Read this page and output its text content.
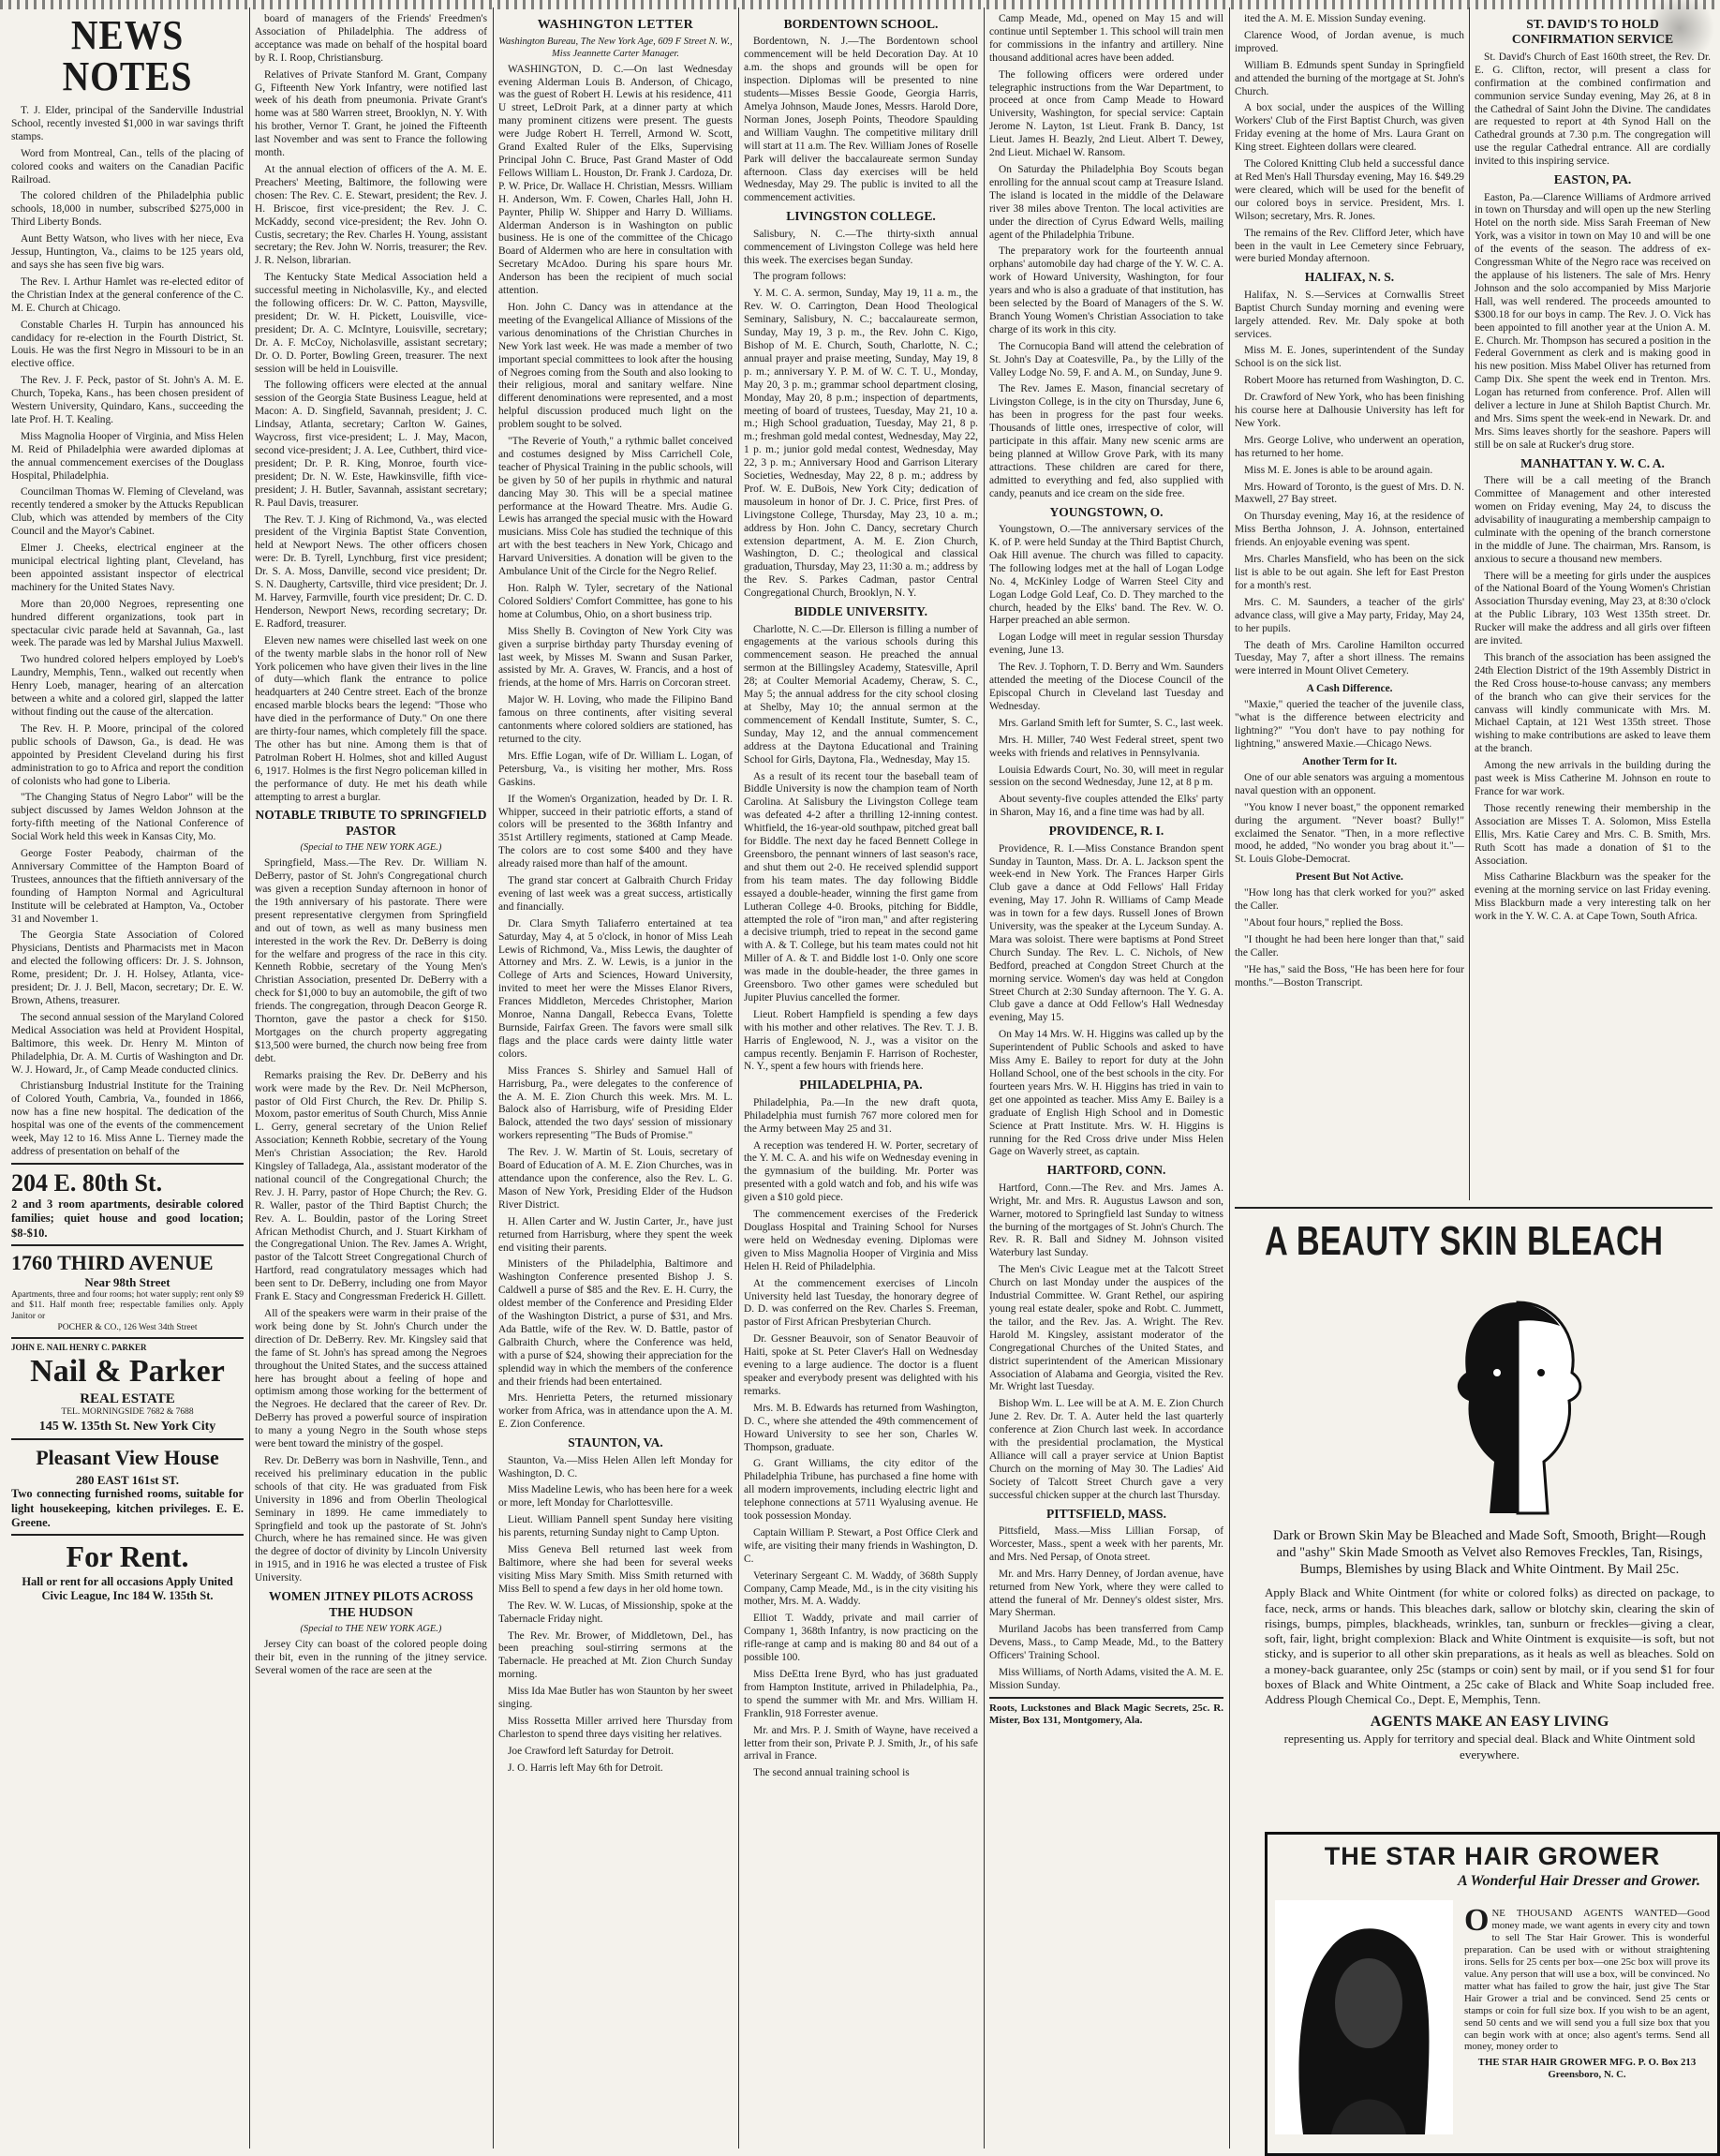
NEWS NOTES

T. J. Elder, principal of the Sanderville Industrial School, recently invested $1,000 in war savings thrift stamps.

Word from Montreal, Can., tells of the placing of colored cooks and waiters on the Canadian Pacific Railroad.

The colored children of the Philadelphia public schools, 18,000 in number, subscribed $275,000 in Third Liberty Bonds.

Aunt Betty Watson, who lives with her niece, Eva Jessup, Huntington, Va., claims to be 125 years old, and says she has seen five big wars.

The Rev. I. Arthur Hamlet was re-elected editor of the Christian Index at the general conference of the C. M. E. Church at Chicago.

Constable Charles H. Turpin has announced his candidacy for re-election in the Fourth District, St. Louis. He was the first Negro in Missouri to be in an elective office.

The Rev. J. F. Peck, pastor of St. John's A. M. E. Church, Topeka, Kans., has been chosen president of Western University, Quindaro, Kans., succeeding the late Prof. H. T. Kealing.

Miss Magnolia Hooper of Virginia, and Miss Helen M. Reid of Philadelphia were awarded diplomas at the annual commencement exercises of the Douglass Hospital, Philadelphia.

Councilman Thomas W. Fleming of Cleveland, was recently tendered a smoker by the Attucks Republican Club, which was attended by members of the City Council and the Mayor's Cabinet.

Elmer J. Cheeks, electrical engineer at the municipal electrical lighting plant, Cleveland, has been appointed assistant inspector of electrical machinery for the United States Navy.

More than 20,000 Negroes, representing one hundred different organizations, took part in spectacular civic parade held at Savannah, Ga., last week. The parade was led by Marshal Julius Maxwell.

Two hundred colored helpers employed by Loeb's Laundry, Memphis, Tenn., walked out recently when Henry Loeb, manager, hearing of an altercation between a white and a colored girl, slapped the latter without finding out the cause of the altercation.

The Rev. H. P. Moore, principal of the colored public schools of Dawson, Ga., is dead. He was appointed by President Cleveland during his first administration to go to Africa and report the condition of colonists who had gone to Liberia.

"The Changing Status of Negro Labor" will be the subject discussed by James Weldon Johnson at the forty-fifth meeting of the National Conference of Social Work held this week in Kansas City, Mo.

George Foster Peabody, chairman of the Anniversary Committee of the Hampton Board of Trustees, announces that the fiftieth anniversary of the founding of Hampton Normal and Agricultural Institute will be celebrated at Hampton, Va., October 31 and November 1.

The Georgia State Association of Colored Physicians, Dentists and Pharmacists met in Macon and elected the following officers: Dr. J. S. Johnson, Rome, president; Dr. J. H. Holsey, Atlanta, vice-president; Dr. J. J. Bell, Macon, secretary; Dr. E. W. Brown, Athens, treasurer.

The second annual session of the Maryland Colored Medical Association was held at Provident Hospital, Baltimore, this week. Dr. Henry M. Minton of Philadelphia, Dr. A. M. Curtis of Washington and Dr. W. J. Howard, Jr., of Camp Meade conducted clinics.

Christiansburg Industrial Institute for the Training of Colored Youth, Cambria, Va., founded in 1866, now has a fine new hospital. The dedication of the hospital was one of the events of the commencement week, May 12 to 16. Miss Anne L. Tierney made the address of presentation on behalf of the

204 E. 80th St.
2 and 3 room apartments, desirable colored families; quiet house and good location; $8-$10.
1760 THIRD AVENUE
Near 98th Street
Apartments, three and four rooms; hot water supply; rent only $9 and $11. Half month free; respectable families only. Apply Janitor or
POCHER & CO., 126 West 34th Street
JOHN E. NAIL HENRY C. PARKER
Nail & Parker
REAL ESTATE
TEL. MORNINGSIDE 7682 & 7688
145 W. 135th St. New York City
Pleasant View House
280 EAST 161st ST.
Two connecting furnished rooms, suitable for light housekeeping, kitchen privileges. E. E. Greene.
For Rent.
Hall or rent for all occasions Apply United Civic League, Inc 184 W. 135th St.

board of managers of the Friends' Freedmen's Association of Philadelphia. The address of acceptance was made on behalf of the hospital board by R. I. Roop, Christiansburg.

Relatives of Private Stanford M. Grant, Company G, Fifteenth New York Infantry, were notified last week of his death from pneumonia. Private Grant's home was at 580 Warren street, Brooklyn, N. Y. With his brother, Vernor T. Grant, he joined the Fifteenth last November and was sent to France the following month.

At the annual election of officers of the A. M. E. Preachers' Meeting, Baltimore, the following were chosen: The Rev. C. E. Stewart, president; the Rev. J. H. Briscoe, first vice-president; the Rev. J. C. McKaddy, second vice-president; the Rev. John O. Custis, secretary; the Rev. Charles H. Young, assistant secretary; the Rev. John W. Norris, treasurer; the Rev. J. R. Nelson, librarian.

The Kentucky State Medical Association held a successful meeting in Nicholasville, Ky., and elected the following officers: Dr. W. C. Patton, Maysville, president; Dr. W. H. Pickett, Louisville, vice-president; Dr. A. C. McIntyre, Louisville, secretary; Dr. A. F. McCoy, Nicholasville, assistant secretary; Dr. O. D. Porter, Bowling Green, treasurer. The next session will be held in Louisville.

The following officers were elected at the annual session of the Georgia State Business League, held at Macon: A. D. Singfield, Savannah, president; J. C. Lindsay, Atlanta, secretary; Carlton W. Gaines, Waycross, first vice-president; L. J. May, Macon, second vice-president; J. A. Lee, Cuthbert, third vice-president; Dr. P. R. King, Monroe, fourth vice-president; Dr. N. W. Este, Hawkinsville, fifth vice-president; J. H. Butler, Savannah, assistant secretary; R. Paul Davis, treasurer.

The Rev. T. J. King of Richmond, Va., was elected president of the Virginia Baptist State Convention, held at Newport News. The other officers chosen were: Dr. B. Tyrell, Lynchburg, first vice president; Dr. S. A. Moss, Danville, second vice president; Dr. S. N. Daugherty, Cartsville, third vice president; Dr. J. M. Harvey, Farmville, fourth vice president; Dr. C. D. Henderson, Newport News, recording secretary; Dr. E. Radford, treasurer.

Eleven new names were chiselled last week on one of the twenty marble slabs in the honor roll of New York policemen who have given their lives in the line of duty—which flank the entrance to police headquarters at 240 Centre street. Each of the bronze encased marble blocks bears the legend: "Those who have died in the performance of Duty." On one there are thirty-four names, which completely fill the space. The other has but nine. Among them is that of Patrolman Robert H. Holmes, shot and killed August 6, 1917. Holmes is the first Negro policeman killed in the performance of duty. He met his death while attempting to arrest a burglar.

NOTABLE TRIBUTE TO SPRINGFIELD PASTOR
(Special to THE NEW YORK AGE.)

Springfield, Mass.—The Rev. Dr. William N. DeBerry, pastor of St. John's Congregational church was given a reception Sunday afternoon in honor of the 19th anniversary of his pastorate. There were present representative clergymen from Springfield and out of town, as well as many business men interested in the work the Rev. Dr. DeBerry is doing for the welfare and progress of the race in this city. Kenneth Robbie, secretary of the Young Men's Christian Association, presented Dr. DeBerry with a check for $1,000 to buy an automobile, the gift of two friends. The congregation, through Deacon George R. Thornton, gave the pastor a check for $150. Mortgages on the church property aggregating $13,500 were burned, the church now being free from debt.

Remarks praising the Rev. Dr. DeBerry and his work were made by the Rev. Dr. Neil McPherson, pastor of Old First Church, the Rev. Dr. Philip S. Moxom, pastor emeritus of South Church, Miss Annie L. Gerry, general secretary of the Union Relief Association; Kenneth Robbie, secretary of the Young Men's Christian Association; the Rev. Harold Kingsley of Talladega, Ala., assistant moderator of the national council of the Congregational Church; the Rev. J. H. Parry, pastor of Hope Church; the Rev. G. R. Waller, pastor of the Third Baptist Church; the Rev. A. L. Bouldin, pastor of the Loring Street African Methodist Church, and J. Stuart Kirkham of the Congregational Union. The Rev. James A. Wright, pastor of the Talcott Street Congregational Church of Hartford, read congratulatory messages which had been sent to Dr. DeBerry, including one from Mayor Frank E. Stacy and Congressman Frederick H. Gillett.

All of the speakers were warm in their praise of the work being done by St. John's Church under the direction of Dr. DeBerry. Rev. Mr. Kingsley said that the fame of St. John's has spread among the Negroes throughout the United States, and the success attained here has brought about a feeling of hope and optimism among those working for the betterment of the Negroes. He declared that the career of Rev. Dr. DeBerry has proved a powerful source of inspiration to many a young Negro in the South whose steps were bent toward the ministry of the gospel.

Rev. Dr. DeBerry was born in Nashville, Tenn., and received his preliminary education in the public schools of that city. He was graduated from Fisk University in 1896 and from Oberlin Theological Seminary in 1899. He came immediately to Springfield and took up the pastorate of St. John's Church, where he has remained since. He was given the degree of doctor of divinity by Lincoln University in 1915, and in 1916 he was elected a trustee of Fisk University.

WOMEN JITNEY PILOTS ACROSS THE HUDSON
(Special to THE NEW YORK AGE.)

Jersey City can boast of the colored people doing their bit, even in the running of the jitney service. Several women of the race are seen at the

WASHINGTON LETTER
Washington Bureau, The New York Age, 609 F Street N. W., Miss Jeannette Carter Manager.

WASHINGTON, D. C.—On last Wednesday evening Alderman Louis B. Anderson, of Chicago, was the guest of Robert H. Lewis at his residence, 411 U street, LeDroit Park, at a dinner party at which many prominent citizens were present. The guests were Judge Robert H. Terrell, Armond W. Scott, Grand Exalted Ruler of the Elks, Supervising Principal John C. Bruce, Past Grand Master of Odd Fellows William L. Houston, Dr. Frank J. Cardoza, Dr. P. W. Price, Dr. Wallace H. Christian, Messrs. William H. Anderson, Wm. F. Cowen, Charles Hall, John H. Paynter, Philip W. Shipper and Harry D. Williams. Alderman Anderson is in Washington on public business. He is one of the committee of the Chicago Board of Aldermen who are here in consultation with Secretary McAdoo. During his spare hours Mr. Anderson has been the recipient of much social attention.

Hon. John C. Dancy was in attendance at the meeting of the Evangelical Alliance of Missions of the various denominations of the Christian Churches in New York last week. He was made a member of two important special committees to look after the housing of Negroes coming from the South and also looking to their religious, moral and sanitary welfare. Nine different denominations were represented, and a most helpful discussion produced much light on the problem sought to be solved.

"The Reverie of Youth," a rythmic ballet conceived and costumes designed by Miss Carrichell Cole, teacher of Physical Training in the public schools, will be given by 50 of her pupils in rhythmic and natural dancing May 30. This will be a special matinee performance at the Howard Theatre. Mrs. Audie G. Lewis has arranged the special music with the Howard musicians. Miss Cole has studied the technique of this art with the best teachers in New York, Chicago and Harvard Universities. A donation will be given to the Ambulance Unit of the Circle for the Negro Relief.

Hon. Ralph W. Tyler, secretary of the National Colored Soldiers' Comfort Committee, has gone to his home at Columbus, Ohio, on a short business trip.

Miss Shelly B. Covington of New York City was given a surprise birthday party Thursday evening of last week, by Misses M. Swann and Susan Parker, assisted by Mr. A. Graves, W. Francis, and a host of friends, at the home of Mrs. Harris on Corcoran street.

Major W. H. Loving, who made the Filipino Band famous on three continents, after visiting several cantonments where colored soldiers are stationed, has returned to the city.

Mrs. Effie Logan, wife of Dr. William L. Logan, of Petersburg, Va., is visiting her mother, Mrs. Ross Gaskins.

If the Women's Organization, headed by Dr. I. R. Whipper, succeed in their patriotic efforts, a stand of colors will be presented to the 368th Infantry and 351st Artillery regiments, stationed at Camp Meade. The colors are to cost some $400 and they have already raised more than half of the amount.

The grand star concert at Galbraith Church Friday evening of last week was a great success, artistically and financially.

Dr. Clara Smyth Taliaferro entertained at tea Saturday, May 4, at 5 o'clock, in honor of Miss Leah Lewis of Richmond, Va., Miss Lewis, the daughter of Attorney and Mrs. Z. W. Lewis, is a junior in the College of Arts and Sciences, Howard University, invited to meet her were the Misses Elanor Rivers, Frances Middleton, Mercedes Christopher, Marion Monroe, Nanna Dangall, Rebecca Evans, Tolette Burnside, Fairfax Green. The favors were small silk flags and the place cards were dainty little water colors.

Miss Frances S. Shirley and Samuel Hall of Harrisburg, Pa., were delegates to the conference of the A. M. E. Zion Church this week. Mrs. M. L. Balock also of Harrisburg, wife of Presiding Elder Balock, attended the two days' session of missionary workers representing "The Buds of Promise."

The Rev. J. W. Martin of St. Louis, secretary of Board of Education of A. M. E. Zion Churches, was in attendance upon the conference, also the Rev. L. G. Mason of New York, Presiding Elder of the Hudson River District.

H. Allen Carter and W. Justin Carter, Jr., have just returned from Harrisburg, where they spent the week end visiting their parents.

Ministers of the Philadelphia, Baltimore and Washington Conference presented Bishop J. S. Caldwell a purse of $85 and the Rev. E. H. Curry, the oldest member of the Conference and Presiding Elder of the Washington District, a purse of $31, and Mrs. Ada Battle, wife of the Rev. W. D. Battle, pastor of Galbraith Church, where the Conference was held, with a purse of $24, showing their appreciation for the splendid way in which the members of the conference and their friends had been entertained.

Mrs. Henrietta Peters, the returned missionary worker from Africa, was in attendance upon the A. M. E. Zion Conference.

STAUNTON, VA.

Staunton, Va.—Miss Helen Allen left Monday for Washington, D. C.

Miss Madeline Lewis, who has been here for a week or more, left Monday for Charlottesville.

Lieut. William Pannell spent Sunday here visiting his parents, returning Sunday night to Camp Upton.

Miss Geneva Bell returned last week from Baltimore, where she had been for several weeks visiting Miss Mary Smith. Miss Smith returned with Miss Bell to spend a few days in her old home town.

The Rev. W. W. Lucas, of Missionship, spoke at the Tabernacle Friday night.

The Rev. Mr. Brower, of Middletown, Del., has been preaching soul-stirring sermons at the Tabernacle. He preached at Mt. Zion Church Sunday morning.

Miss Ida Mae Butler has won Staunton by her sweet singing.

Miss Rossetta Miller arrived here Thursday from Charleston to spend three days visiting her relatives.

Joe Crawford left Saturday for Detroit.

J. O. Harris left May 6th for Detroit.

BORDENTOWN SCHOOL.

Bordentown, N. J.—The Bordentown school commencement will be held Decoration Day. At 10 a.m. the shops and grounds will be open for inspection. Diplomas will be presented to nine students—Misses Bessie Goode, Georgia Harris, Amelya Johnson, Maude Jones, Messrs. Harold Dore, Norman Jones, Joseph Points, Theodore Spaulding and William Vaughn. The competitive military drill will start at 11 a.m. The Rev. William Jones of Roselle Park will deliver the baccalaureate sermon Sunday afternoon. Class day exercises will be held Wednesday, May 29. The public is invited to all the commencement activities.

LIVINGSTON COLLEGE.

Salisbury, N. C.—The thirty-sixth annual commencement of Livingston College was held here this week. The exercises began Sunday.

The program follows:

Y. M. C. A. sermon, Sunday, May 19, 11 a. m., the Rev. W. O. Carrington, Dean Hood Theological Seminary, Salisbury, N. C.; baccalaureate sermon, Sunday, May 19, 3 p. m., the Rev. John C. Kigo, Bishop of M. E. Church, South, Charlotte, N. C.; annual prayer and praise meeting, Sunday, May 19, 8 p. m.; anniversary Y. P. M. of W. C. T. U., Monday, May 20, 3 p. m.; grammar school department closing, Monday, May 20, 8 p.m.; inspection of departments, meeting of board of trustees, Tuesday, May 21, 10 a. m.; High School graduation, Tuesday, May 21, 8 p. m.; freshman gold medal contest, Wednesday, May 22, 1 p. m.; junior gold medal contest, Wednesday, May 22, 3 p. m.; Anniversary Hood and Garrison Literary Societies, Wednesday, May 22, 8 p. m.; address by Prof. W. E. DuBois, New York City; dedication of mausoleum in honor of Dr. J. C. Price, first Pres. of Livingstone College, Thursday, May 23, 10 a. m.; address by Hon. John C. Dancy, secretary Church extension department, A. M. E. Zion Church, Washington, D. C.; theological and classical graduation, Thursday, May 23, 11:30 a. m.; address by the Rev. S. Parkes Cadman, pastor Central Congregational Church, Brooklyn, N. Y.

BIDDLE UNIVERSITY.

Charlotte, N. C.—Dr. Ellerson is filling a number of engagements at the various schools during this commencement season. He preached the annual sermon at the Billingsley Academy, Statesville, April 28; at Coulter Memorial Academy, Cheraw, S. C., May 5; the annual address for the city school closing at Shelby, May 10; the annual sermon at the commencement of Kendall Institute, Sumter, S. C., Sunday, May 12, and the annual commencement address at the Daytona Educational and Training School for Girls, Daytona, Fla., Wednesday, May 15.

As a result of its recent tour the baseball team of Biddle University is now the champion team of North Carolina. At Salisbury the Livingston College team was defeated 4-2 after a thrilling 12-inning contest. Whitfield, the 16-year-old southpaw, pitched great ball for Biddle. The next day he faced Bennett College in Greensboro, the pennant winners of last season's race, and shut them out 2-0. He received splendid support from his team mates. The day following Biddle essayed a double-header, winning the first game from Lutheran College 4-0. Brooks, pitching for Biddle, attempted the role of "iron man," and after registering a decisive triumph, tried to repeat in the second game with A. & T. College, but his team mates could not hit Miller of A. & T. and Biddle lost 1-0. Only one score was made in the double-header, the three games in Greensboro. Two other games were scheduled but Jupiter Pluvius cancelled the former.

Lieut. Robert Hampfield is spending a few days with his mother and other relatives. The Rev. T. J. B. Harris of Englewood, N. J., was a visitor on the campus recently. Benjamin F. Harrison of Rochester, N. Y., spent a few hours with friends here.

PHILADELPHIA, PA.

Philadelphia, Pa.—In the new draft quota, Philadelphia must furnish 767 more colored men for the Army between May 25 and 31.

A reception was tendered H. W. Porter, secretary of the Y. M. C. A. and his wife on Wednesday evening in the gymnasium of the building. Mr. Porter was presented with a gold watch and fob, and his wife was given a $10 gold piece.

The commencement exercises of the Frederick Douglass Hospital and Training School for Nurses were held on Wednesday evening. Diplomas were given to Miss Magnolia Hooper of Virginia and Miss Helen H. Reid of Philadelphia.

At the commencement exercises of Lincoln University held last Tuesday, the honorary degree of D. D. was conferred on the Rev. Charles S. Freeman, pastor of First African Presbyterian Church.

Dr. Gessner Beauvoir, son of Senator Beauvoir of Haiti, spoke at St. Peter Claver's Hall on Wednesday evening to a large audience. The doctor is a fluent speaker and everybody present was delighted with his remarks.

Mrs. M. B. Edwards has returned from Washington, D. C., where she attended the 49th commencement of Howard University to see her son, Charles W. Thompson, graduate.

G. Grant Williams, the city editor of the Philadelphia Tribune, has purchased a fine home with all modern improvements, including electric light and telephone connections at 5711 Wyalusing avenue. He took possession Monday.

Captain William P. Stewart, a Post Office Clerk and wife, are visiting their many friends in Washington, D. C.

Veterinary Sergeant C. M. Waddy, of 368th Supply Company, Camp Meade, Md., is in the city visiting his mother, Mrs. M. A. Waddy.

Elliot T. Waddy, private and mail carrier of Company 1, 368th Infantry, is now practicing on the rifle-range at camp and is making 80 and 84 out of a possible 100.

Miss DeEtta Irene Byrd, who has just graduated from Hampton Institute, arrived in Philadelphia, Pa., to spend the summer with Mr. and Mrs. William H. Franklin, 918 Forrester avenue.

Mr. and Mrs. P. J. Smith of Wayne, have received a letter from their son, Private P. J. Smith, Jr., of his safe arrival in France.

The second annual training school is

Camp Meade, Md., opened on May 15 and will continue until September 1. This school will train men for commissions in the infantry and artillery. Nine thousand additional acres have been added.

The following officers were ordered under telegraphic instructions from the War Department, to proceed at once from Camp Meade to Howard University, Washington, for special service: Captain Jerome N. Layton, 1st Lieut. Frank B. Dancy, 1st Lieut. James H. Beazly, 2nd Lieut. Albert T. Dewey, 2nd Lieut. Michael W. Ransom.

On Saturday the Philadelphia Boy Scouts began enrolling for the annual scout camp at Treasure Island. The island is located in the middle of the Delaware river 38 miles above Trenton. The local activities are under the direction of Cyrus Edward Wells, mailing agent of the Philadelphia Tribune.

The preparatory work for the fourteenth annual orphans' automobile day had charge of the Y. W. C. A. work of Howard University, Washington, for four years and who is also a graduate of that institution, has been selected by the Board of Managers of the S. W. Branch Young Women's Christian Association to take charge of its work in this city.

The Cornucopia Band will attend the celebration of St. John's Day at Coatesville, Pa., by the Lilly of the Valley Lodge No. 59, F. and A. M., on Sunday, June 9.

The Rev. James E. Mason, financial secretary of Livingston College, is in the city on Thursday, June 6, has been in progress for the past four weeks. Thousands of little ones, irrespective of color, will participate in this affair. Many new scenic arms are being planned at Willow Grove Park, with its many attractions. These children are cared for there, admitted to everything and fed, also supplied with candy, peanuts and ice cream on the side free.

YOUNGSTOWN, O.

Youngstown, O.—The anniversary services of the K. of P. were held Sunday at the Third Baptist Church, Oak Hill avenue. The church was filled to capacity. The following lodges met at the hall of Logan Lodge No. 4, McKinley Lodge of Warren Steel City and Logan Lodge Gold Leaf, Co. D. They marched to the church, headed by the Elks' band. The Rev. W. O. Harper preached an able sermon.

Logan Lodge will meet in regular session Thursday evening, June 13.

The Rev. J. Tophorn, T. D. Berry and Wm. Saunders attended the meeting of the Diocese Council of the Episcopal Church in Cleveland last Tuesday and Wednesday.

Mrs. Garland Smith left for Sumter, S. C., last week.

Mrs. H. Miller, 740 West Federal street, spent two weeks with friends and relatives in Pennsylvania.

Louisia Edwards Court, No. 30, will meet in regular session on the second Wednesday, June 12, at 8 p m.

About seventy-five couples attended the Elks' party in Sharon, May 16, and a fine time was had by all.

PROVIDENCE, R. I.

Providence, R. I.—Miss Constance Brandon spent Sunday in Taunton, Mass. Dr. A. L. Jackson spent the week-end in New York. The Frances Harper Girls Club gave a dance at Odd Fellows' Hall Friday evening, May 17. John R. Williams of Camp Meade was in town for a few days. Russell Jones of Brown University, was the speaker at the Lyceum Sunday. A. Mara was soloist. There were baptisms at Pond Street Church Sunday. The Rev. L. C. Nichols, of New Bedford, preached at Congdon Street Church at the morning service. Women's day was held at Congdon Street Church at 2:30 Sunday afternoon. The Y. G. A. Club gave a dance at Odd Fellow's Hall Wednesday evening, May 15.

On May 14 Mrs. W. H. Higgins was called up by the Superintendent of Public Schools and asked to have Miss Amy E. Bailey to report for duty at the John Holland School, one of the best schools in the city. For fourteen years Mrs. W. H. Higgins has tried in vain to get one appointed as teacher. Miss Amy E. Bailey is a graduate of English High School and in Domestic Science at Pratt Institute. Mrs. W. H. Higgins is running for the Red Cross drive under Miss Helen Gage on Waverly street, as captain.

HARTFORD, CONN.

Hartford, Conn.—The Rev. and Mrs. James A. Wright, Mr. and Mrs. R. Augustus Lawson and son, Warner, motored to Springfield last Sunday to witness the burning of the mortgages of St. John's Church. The Rev. R. R. Ball and Sidney M. Johnson visited Waterbury last Sunday.

The Men's Civic League met at the Talcott Street Church on last Monday under the auspices of the Industrial Committee. W. Grant Rethel, our aspiring young real estate dealer, spoke and Robt. C. Jummett, the tailor, and the Rev. Jas. A. Wright. The Rev. Harold M. Kingsley, assistant moderator of the Congregational Churches of the United States, and district superintendent of the American Missionary Association of Alabama and Georgia, visited the Rev. Mr. Wright last Tuesday.

Bishop Wm. L. Lee will be at A. M. E. Zion Church June 2. Rev. Dr. T. A. Auter held the last quarterly conference at Zion Church last week. In accordance with the presidential proclamation, the Mystical Alliance will call a prayer service at Union Baptist Church on the morning of May 30. The Ladies' Aid Society of Talcott Street Church gave a very successful chicken supper at the church last Thursday.

PITTSFIELD, MASS.

Pittsfield, Mass.—Miss Lillian Forsap, of Worcester, Mass., spent a week with her parents, Mr. and Mrs. Ned Persap, of Onota street.

Mr. and Mrs. Harry Denney, of Jordan avenue, have returned from New York, where they were called to attend the funeral of Mr. Denney's oldest sister, Mrs. Mary Sherman.

Muriland Jacobs has been transferred from Camp Devens, Mass., to Camp Meade, Md., to the Battery Officers' Training School.

Miss Williams, of North Adams, visited the A. M. E. Mission Sunday.

Roots, Luckstones and Black Magic Secrets, 25c. R. Mister, Box 131, Montgomery, Ala.

ited the A. M. E. Mission Sunday evening.

Clarence Wood, of Jordan avenue, is much improved.

William B. Edmunds spent Sunday in Springfield and attended the burning of the mortgage at St. John's Church.

A box social, under the auspices of the Willing Workers' Club of the First Baptist Church, was given Friday evening at the home of Mrs. Laura Grant on King street. Eighteen dollars were cleared.

The Colored Knitting Club held a successful dance at Red Men's Hall Thursday evening, May 16. $49.29 were cleared, which will be used for the benefit of our colored boys in service. President, Mrs. I. Wilson; secretary, Mrs. R. Jones.

The remains of the Rev. Clifford Jeter, which have been in the vault in Lee Cemetery since February, were buried Monday afternoon.

HALIFAX, N. S.

Halifax, N. S.—Services at Cornwallis Street Baptist Church Sunday morning and evening were largely attended. Rev. Mr. Daly spoke at both services.

Miss M. E. Jones, superintendent of the Sunday School is on the sick list.

Robert Moore has returned from Washington, D. C.

Dr. Crawford of New York, who has been finishing his course here at Dalhousie University has left for New York.

Mrs. George Lolive, who underwent an operation, has returned to her home.

Miss M. E. Jones is able to be around again.

Mrs. Howard of Toronto, is the guest of Mrs. D. N. Maxwell, 27 Bay street.

On Thursday evening, May 16, at the residence of Miss Bertha Johnson, J. A. Johnson, entertained friends. An enjoyable evening was spent.

Mrs. Charles Mansfield, who has been on the sick list is able to be out again. She left for East Preston for a month's rest.

Mrs. C. M. Saunders, a teacher of the girls' advance class, will give a May party, Friday, May 24, to her pupils.

The death of Mrs. Caroline Hamilton occurred Tuesday, May 7, after a short illness. The remains were interred in Mount Olivet Cemetery.

A Cash Difference.

"Maxie," queried the teacher of the juvenile class, "what is the difference between electricity and lightning?" "You don't have to pay nothing for lightning," answered Maxie.—Chicago News.

Another Term for It.

One of our able senators was arguing a momentous naval question with an opponent.

"You know I never boast," the opponent remarked during the argument. "Never boast? Bully!" exclaimed the Senator. "Then, in a more reflective mood, he added, "No wonder you brag about it."—St. Louis Globe-Democrat.

Present But Not Active.

"How long has that clerk worked for you?" asked the Caller.

"About four hours," replied the Boss.

"I thought he had been here longer than that," said the Caller.

"He has," said the Boss, "He has been here for four months."—Boston Transcript.

ST. DAVID'S TO HOLD CONFIRMATION SERVICE

St. David's Church of East 160th street, the Rev. Dr. E. G. Clifton, rector, will present a class for confirmation at the combined confirmation and communion service Sunday evening, May 26, at 8 in the Cathedral of Saint John the Divine. The candidates are requested to report at 4th Synod Hall on the Cathedral grounds at 7.30 p.m. The congregation will use the regular Cathedral entrance. All are cordially invited to this inspiring service.

EASTON, PA.

Easton, Pa.—Clarence Williams of Ardmore arrived in town on Thursday and will open up the new Sterling Hotel on the north side. Miss Sarah Freeman of New York, was a visitor in town on May 10 and will be one of the events of the season. The address of ex-Congressman White of the Negro race was received on the applause of his listeners. The sale of Mrs. Henry Johnson and the solo accompanied by Miss Marjorie Hall, was well rendered. The proceeds amounted to $300.18 for our boys in camp. The Rev. J. O. Vick has been appointed to fill another year at the Union A. M. E. Church. Mr. Thompson has secured a position in the Federal Government as clerk and is making good in his new position. Miss Mabel Oliver has returned from Camp Dix. She spent the week end in Trenton. Mrs. Logan has returned from conference. Prof. Allen will deliver a lecture in June at Shiloh Baptist Church. Mr. and Mrs. Sims spent the week-end in Newark. Dr. and Mrs. Sims leaves shortly for the seashore. Papers will still be on sale at Rucker's drug store.

MANHATTAN Y. W. C. A.

There will be a call meeting of the Branch Committee of Management and other interested women on Friday evening, May 24, to discuss the advisability of inaugurating a membership campaign to culminate with the opening of the branch cornerstone in the middle of June. The chairman, Mrs. Ransom, is anxious to secure a thousand new members.

There will be a meeting for girls under the auspices of the National Board of the Young Women's Christian Association Thursday evening, May 23, at 8:30 o'clock at the Public Library, 103 West 135th street. Dr. Rucker will make the address and all girls over fifteen are invited.

This branch of the association has been assigned the 24th Election District of the 19th Assembly District in the Red Cross house-to-house canvass; any members of the branch who can give their services for the canvass will kindly communicate with Mrs. M. Michael Captain, at 121 West 135th street. Those wishing to make contributions are asked to leave them at the branch.

Among the new arrivals in the building during the past week is Miss Catherine M. Johnson en route to France for war work.

Those recently renewing their membership in the Association are Misses T. A. Solomon, Miss Estella Ellis, Mrs. Katie Carey and Mrs. C. B. Smith, Mrs. Ruth Scott has made a donation of $1 to the Association.

Miss Catharine Blackburn was the speaker for the evening at the morning service on last Friday evening. Miss Blackburn made a very interesting talk on her work in the Y. W. C. A. at Cape Town, South Africa.

A BEAUTY SKIN BLEACH
Dark or Brown Skin May be Bleached and Made Soft, Smooth, Bright—Rough and "ashy" Skin Made Smooth as Velvet also Removes Freckles, Tan, Risings, Bumps, Blemishes by using Black and White Ointment. By Mail 25c.
Apply Black and White Ointment (for white or colored folks) as directed on package, to face, neck, arms or hands. This bleaches dark, sallow or blotchy skin, clearing the skin of risings, bumps, pimples, blackheads, wrinkles, tan, sunburn or freckles—giving a clear, soft, fair, light, bright complexion: Black and White Ointment is exquisite—is soft, but not sticky, and is superior to all other skin preparations, as it heals as well as bleaches. Sold on a money-back guarantee, only 25c (stamps or coin) sent by mail, or if you send $1 for four boxes of Black and White Ointment, a 25c cake of Black and White Soap included free. Address Plough Chemical Co., Dept. E, Memphis, Tenn.
AGENTS MAKE AN EASY LIVING
representing us. Apply for territory and special deal. Black and White Ointment sold everywhere.
THE STAR HAIR GROWER
A Wonderful Hair Dresser and Grower.
ONE THOUSAND AGENTS WANTED—Good money made, we want agents in every city and town to sell The Star Hair Grower. This is wonderful preparation. Can be used with or without straightening irons. Sells for 25 cents per box—one 25c box will prove its value. Any person that will use a box, will be convinced. No matter what has failed to grow the hair, just give The Star Hair Grower a trial and be convinced. Send 25 cents or stamps or coin for full size box. If you wish to be an agent, send 50 cents and we will send you a full size box that you can begin work with at once; also agent's terms. Send all money, money order to
THE STAR HAIR GROWER MFG. P. O. Box 213 Greensboro, N. C.
